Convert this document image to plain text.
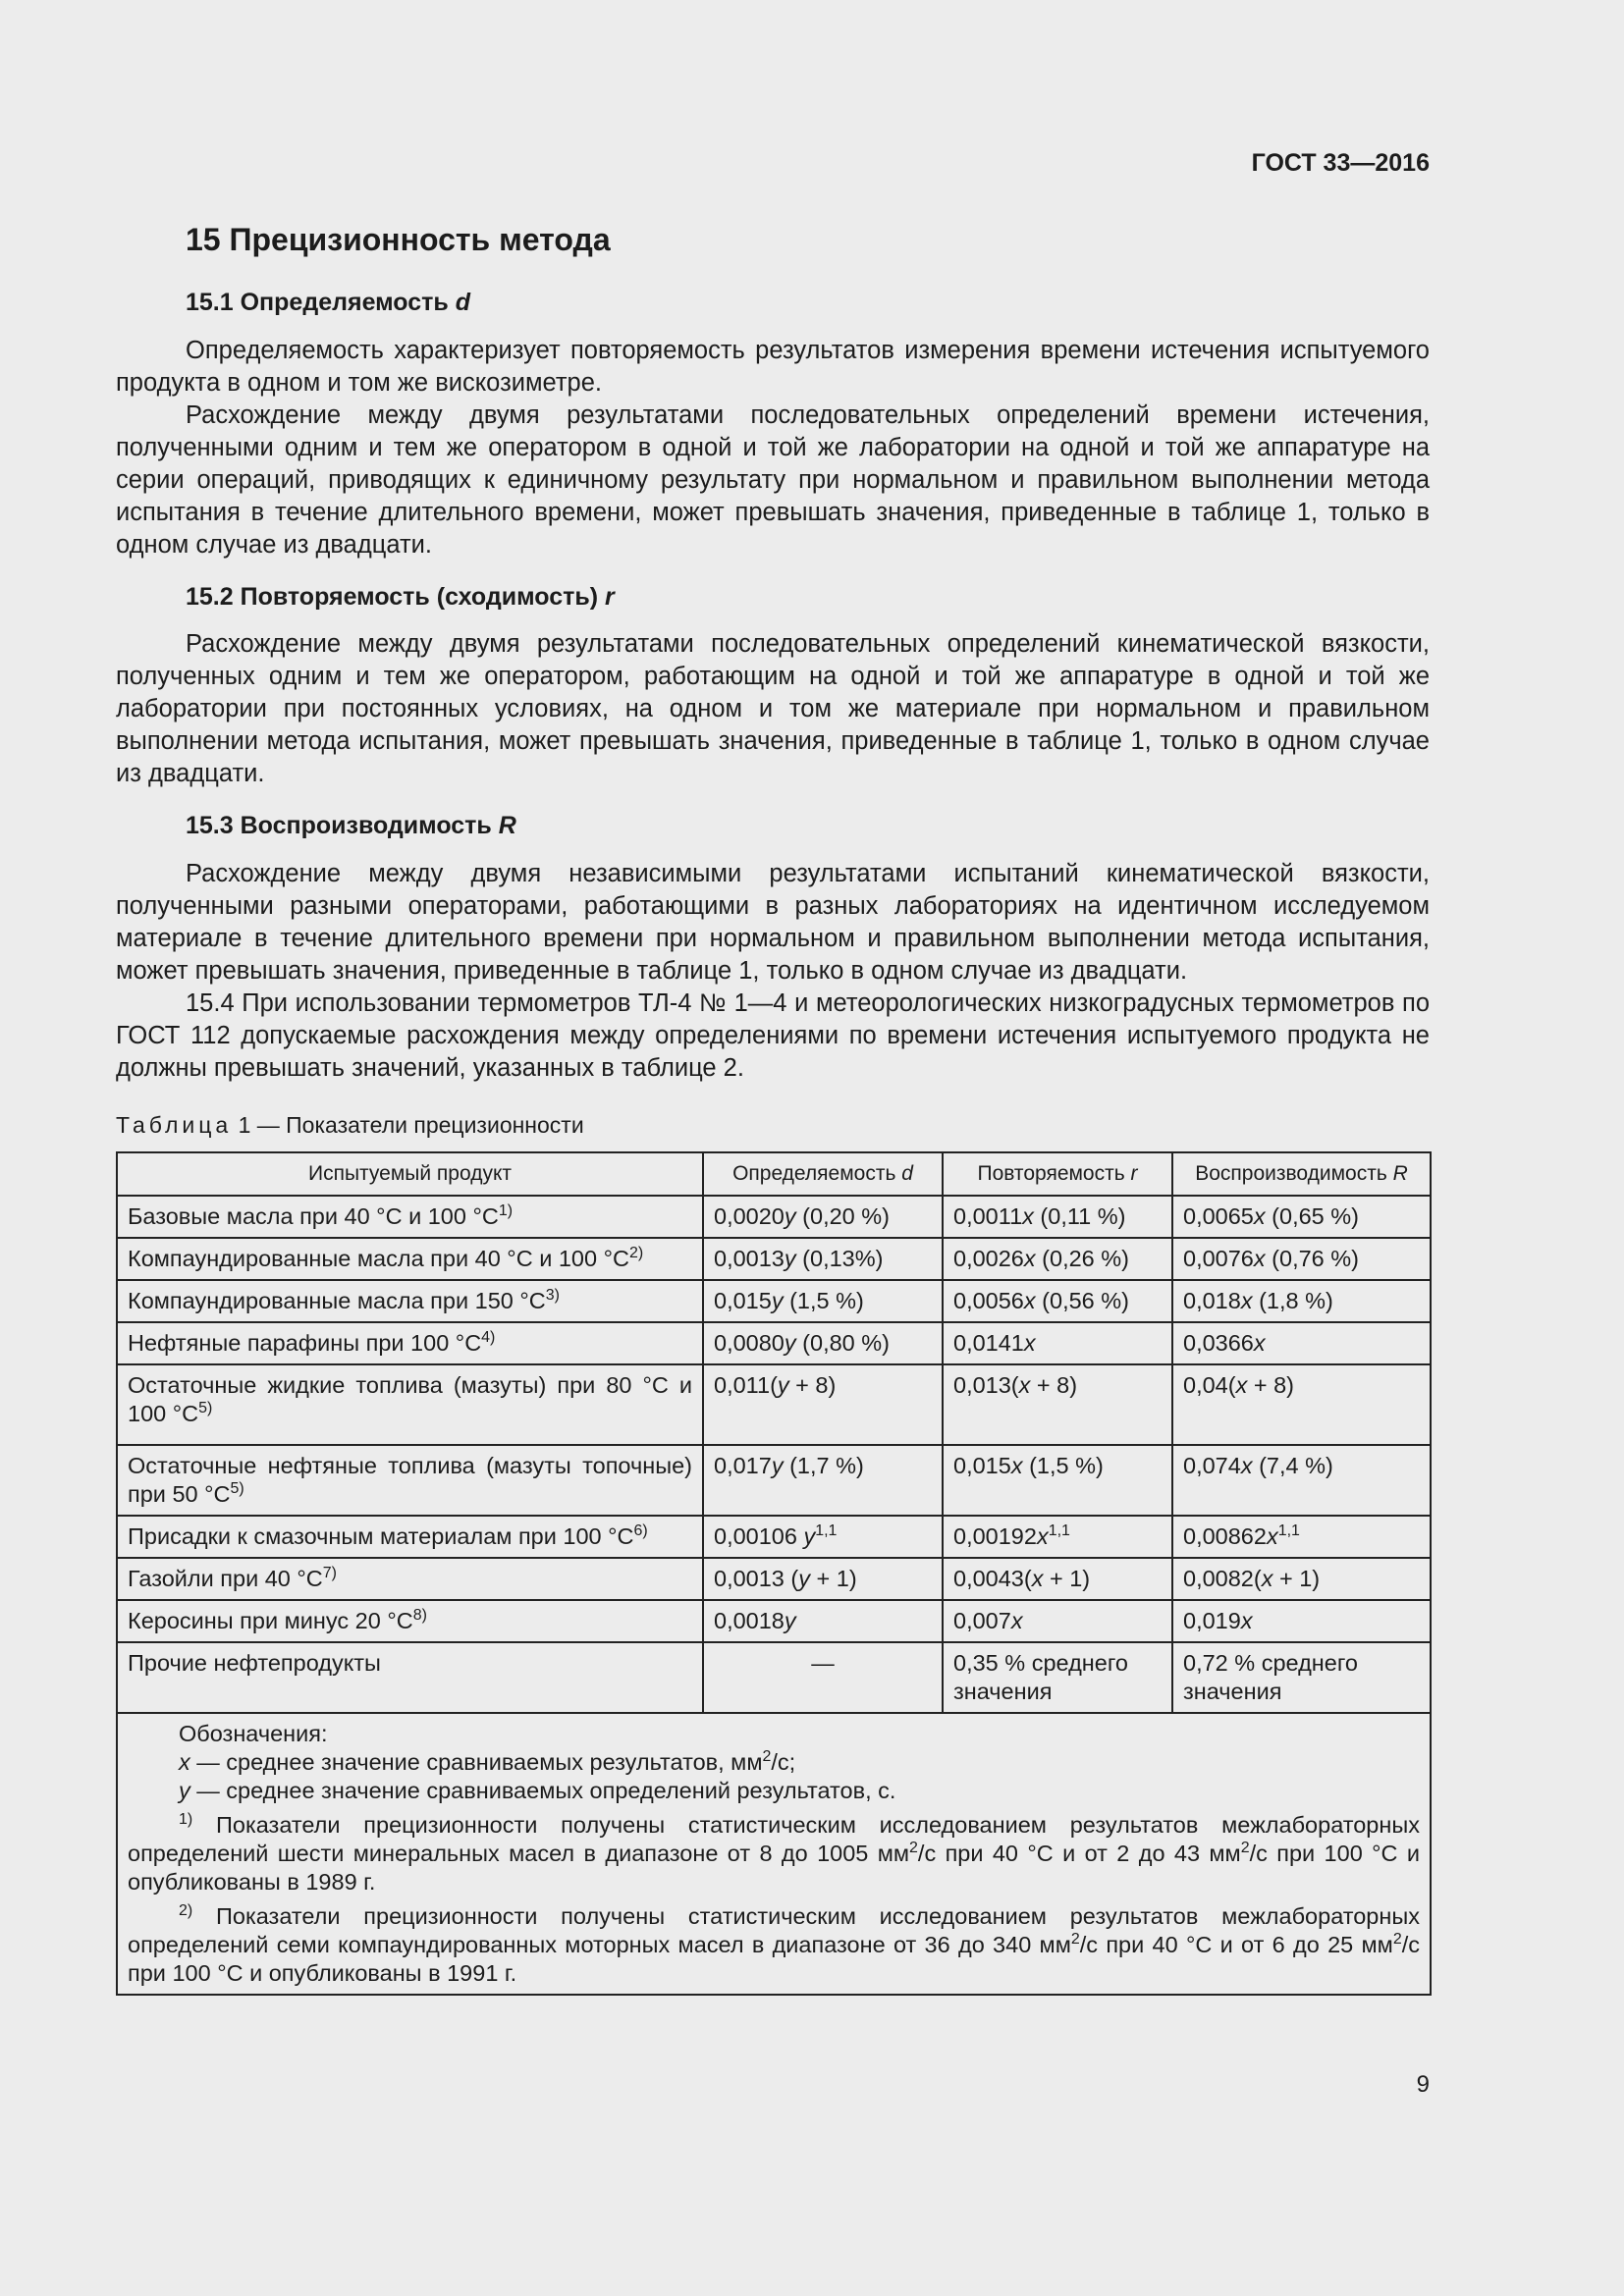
ГОСТ 33—2016

15 Прецизионность метода
15.1 Определяемость d

Определяемость характеризует повторяемость результатов измерения времени истечения испытуемого продукта в одном и том же вискозиметре.

Расхождение между двумя результатами последовательных определений времени истечения, полученными одним и тем же оператором в одной и той же лаборатории на одной и той же аппаратуре на серии операций, приводящих к единичному результату при нормальном и правильном выполнении метода испытания в течение длительного времени, может превышать значения, приведенные в таблице 1, только в одном случае из двадцати.

15.2 Повторяемость (сходимость) r

Расхождение между двумя результатами последовательных определений кинематической вязкости, полученных одним и тем же оператором, работающим на одной и той же аппаратуре в одной и той же лаборатории при постоянных условиях, на одном и том же материале при нормальном и правильном выполнении метода испытания, может превышать значения, приведенные в таблице 1, только в одном случае из двадцати.

15.3 Воспроизводимость R

Расхождение между двумя независимыми результатами испытаний кинематической вязкости, полученными разными операторами, работающими в разных лабораториях на идентичном исследуемом материале в течение длительного времени при нормальном и правильном выполнении метода испытания, может превышать значения, приведенные в таблице 1, только в одном случае из двадцати.

15.4 При использовании термометров ТЛ-4 № 1—4 и метеорологических низкоградусных термометров по ГОСТ 112 допускаемые расхождения между определениями по времени истечения испытуемого продукта не должны превышать значений, указанных в таблице 2.

Таблица 1 — Показатели прецизионности
Испытуемый продукт	Определяемость d	Повторяемость r	Воспроизводимость R
Базовые масла при 40 °С и 100 $^\circ С^{1)}$	0,0020y (0,20 %)	0,0011x (0,11 %)	0,0065x (0,65 %)
Компаундированные масла при 40 °С и 100 $^\circ С^{2)}$	0,0013y (0,13%)	0,0026x (0,26 %)	0,0076x (0,76 %)
Компаундированные масла при 150 $^\circ С^{3)}$	0,015y (1,5 %)	0,0056x (0,56 %)	0,018x (1,8 %)
Нефтяные парафины при 100 $^\circ С^{4)}$	0,0080y (0,80 %)	0,0141x	0,0366x
Остаточные жидкие топлива (мазуты) при 80 °С и 100 $^\circ С^{5)}$	0,011(y + 8)	0,013(x + 8)	0,04(x + 8)
Остаточные нефтяные топлива (мазуты топочные) при 50 $^\circ С^{5)}$	0,017y (1,7 %)	0,015x (1,5 %)	0,074x (7,4 %)
Присадки к смазочным материалам при 100 $^\circ С^{6)}$	0,00106 $y^{1,1}$	$0,00192x^{1,1}$	$0,00862x^{1,1}$
Газойли при 40 $^\circ С^{7)}$	0,0013 (y + 1)	0,0043(x + 1)	0,0082(x + 1)
Керосины при минус 20 $^\circ С^{8)}$	0,0018y	0,007x	0,019x
Прочие нефтепродукты	—	0,35 % среднего значения	0,72 % среднего значения

Обозначения:
x — среднее значение сравниваемых результатов, $мм^2/с$;
y — среднее значение сравниваемых определений результатов, с.
$^{1)}$ Показатели прецизионности получены статистическим исследованием результатов межлабораторных определений шести минеральных масел в диапазоне от 8 до 1005 $мм^2/с$ при 40 °С и от 2 до 43 $мм^2/с$ при 100 °С и опубликованы в 1989 г.
$^{2)}$ Показатели прецизионности получены статистическим исследованием результатов межлабораторных определений семи компаундированных моторных масел в диапазоне от 36 до 340 $мм^2/с$ при 40 °С и от 6 до 25 $мм^2/с$ при 100 °С и опубликованы в 1991 г.			

9
